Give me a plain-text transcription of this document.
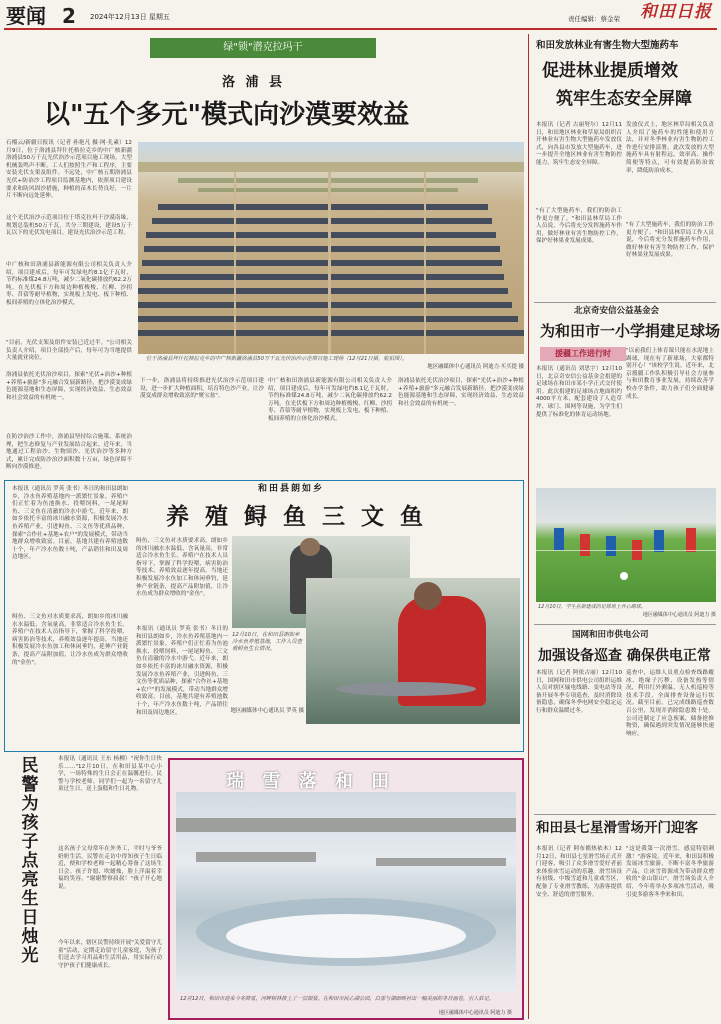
要闻 2 2024年12月13日 星期五	责任编辑：蔡金荣 和田日报
绿"锁"潜克拉玛干
洛 浦 县
以"五个多元"模式向沙漠要效益
石榴云/新疆日报讯（记者 孙艳凡 摄·网·孔素）12月9日，位于洛浦县拜什托格拉克乡的中广核新疆洛浦县50万千瓦光伏治沙示范项目施工现场，大型机械轰鸣声不断。工人们按照生产和工程序，主要安装光伏支架及组件。不远处，中广核五期洛浦县光伏+防治沙工程项目监测基地内，依照项目建设要求和防风固沙措施，种植的苗木长势良好，一片片不断向远处延伸。
这个光伏治沙示范项目位于塔克拉玛干沙漠南缘，规划总装机50万千瓦，共分三期建设，建设5万千瓦以下的光伏发电项目，建设光伏治沙示范工程。
中广核和田洛浦县新能源有限公司相关负责人介绍，项目建成后，每年可发绿电约8.1亿千瓦时，节约标准煤24.8万吨，减少二氧化碳排放约62.2万吨。在光伏板下方和周边种植梭梭、红柳、沙拐枣、苜蓿等耐旱植物，实现板上发电、板下种植、板间养殖的立体化治沙模式。
"目前，光伏支架及组件安装已近过半。"公司相关负责人介绍，项目全部投产后，每年可为当地提供大量就业岗位。
洛浦县依托光伏治沙项目，探索"光伏+治沙+种植+养殖+旅游"多元融合发展新路径，把沙漠变成绿色能源基地和生态屏障，实现经济效益、生态效益和社会效益的有机统一。
在防沙治沙工作中，洛浦县坚持综合施策、系统治理，把生态修复与产业发展结合起来。近年来，当地通过工程治沙、生物固沙、光伏治沙等多种方式，累计完成防沙治沙面积数十万亩，绿色屏障不断向沙漠推进。
位于洛浦县拜什托格拉克乡的中广核新疆洛浦县50万千瓦光伏治沙示范项目施工现场（12月21日摄，航拍图）。
地区融媒体中心通讯员 阿迪力·买买提 摄
下一步，洛浦县将持续推进光伏治沙示范项目建设，进一步扩大种植面积，培育特色沙产业，让沙漠变成群众增收致富的"聚宝盆"。
中广核和田洛浦县新能源有限公司相关负责人介绍，项目建成后，每年可发绿电约8.1亿千瓦时，节约标准煤24.8万吨，减少二氧化碳排放约62.2万吨。在光伏板下方和周边种植梭梭、红柳、沙拐枣、苜蓿等耐旱植物，实现板上发电、板下种植、板间养殖的立体化治沙模式。
洛浦县依托光伏治沙项目，探索"光伏+治沙+种植+养殖+旅游"多元融合发展新路径，把沙漠变成绿色能源基地和生态屏障，实现经济效益、生态效益和社会效益的有机统一。
本报讯（通讯员 罗英 张书）冬日的和田县朗如乡，冷水鱼养殖基地内一派繁忙景象。养殖户们正忙着为鱼池换水、投喂饲料，一尾尾鲟鱼、三文鱼在清澈的冷水中游弋。近年来，朗如乡依托丰富的冰川融水资源，积极发展冷水鱼养殖产业，引进鲟鱼、三文鱼等优质品种，探索"合作社+基地+农户"的发展模式，带动当地群众增收致富。目前，基地共建有养殖池数十个，年产冷水鱼数十吨，产品销往和田及周边地区。
鲟鱼、三文鱼对水质要求高，朗如乡的冰川融水水温低、含氧量高，非常适合冷水鱼生长。养殖户在技术人员指导下，掌握了科学投喂、病害防治等技术，养殖效益逐年提高。当地还积极发展冷水鱼加工和休闲垂钓，延伸产业链条，提高产品附加值，让冷水鱼成为群众增收的"金鱼"。
和田县朗如乡
养 殖 鲟 鱼 三 文 鱼
鲟鱼、三文鱼对水质要求高，朗如乡的冰川融水水温低、含氧量高，非常适合冷水鱼生长。养殖户在技术人员指导下，掌握了科学投喂、病害防治等技术，养殖效益逐年提高。当地还积极发展冷水鱼加工和休闲垂钓，延伸产业链条，提高产品附加值，让冷水鱼成为群众增收的"金鱼"。
本报讯（通讯员 罗英 张书）冬日的和田县朗如乡，冷水鱼养殖基地内一派繁忙景象。养殖户们正忙着为鱼池换水、投喂饲料，一尾尾鲟鱼、三文鱼在清澈的冷水中游弋。近年来，朗如乡依托丰富的冰川融水资源，积极发展冷水鱼养殖产业，引进鲟鱼、三文鱼等优质品种，探索"合作社+基地+农户"的发展模式，带动当地群众增收致富。目前，基地共建有养殖池数十个，年产冷水鱼数十吨，产品销往和田及周边地区。
12月10日，在和田县朗如乡冷水鱼养殖基地，工作人员查看鲟鱼生长情况。
地区融媒体中心通讯员 罗英 摄
民警为孩子点亮生日烛光	本报讯（通讯员 王东 杨柳）"祝你生日快乐……"12月10日，在和田县某中心小学，一场特殊的生日会正在温馨进行。民警与学校老师、同学们一起为一名留守儿童过生日，送上蛋糕和生日礼物。
这名孩子父母常年在外务工，平时与爷爷奶奶生活。民警在走访中得知孩子生日临近，便和学校老师一起精心筹备了这场生日会。孩子许愿、吹蜡烛，脸上洋溢着幸福的笑容。"谢谢警察叔叔！"孩子开心地说。
今年以来，辖区民警持续开展"关爱留守儿童"活动，定期走访留守儿童家庭，为孩子们送去学习用品和生活用品，用实际行动守护孩子们健康成长。
瑞 雪 落 和 田
12月12日，和田市迎来今冬降雪，河畔树林披上了一层银装。在和田市民心湖公园，白雪与湖面映衬出一幅美丽的冬日画卷，引人驻足。
地区融媒体中心通讯员 阿迪力 摄
和田发放林业有害生物大型施药车
促进林业提质增效
筑牢生态安全屏障
本报讯（记者 古丽努尔）12月11日，和田地区林业和草原局组织召开林业有害生物大型施药车发放仪式，向各县市发放大型施药车，进一步提升全地区林业有害生物防控能力，筑牢生态安全屏障。
发放仪式上，地区林草局相关负责人介绍了施药车的性能和使用方法，并对冬季林业有害生物防控工作进行安排部署。此次发放的大型施药车具有射程远、效率高、操作简便等特点，可有效提高防治效率，降低防治成本。
"有了大型施药车，我们的防治工作更方便了。"和田县林草局工作人员说，今后将充分发挥施药车作用，做好林业有害生物防控工作，保护好林果业发展成果。
"有了大型施药车，我们的防治工作更方便了。"和田县林草局工作人员说，今后将充分发挥施药车作用，做好林业有害生物防控工作，保护好林果业发展成果。
北京奇安信公益基金会
为和田市一小学捐建足球场
援疆工作进行时
本报讯（通讯员 刘思宇）12月10日，北京奇安信公益基金会捐建的足球场在和田市某小学正式交付使用。此次捐建的足球场占地面积约4000平方米，配套建设了人造草坪、球门、围网等设施，为学生们提供了标准化的体育运动场地。
"以前我们上体育课只能在水泥地上踢球，现在有了新球场，大家都特别开心！"该校学生说。近年来，北京援疆工作队积极引导社会力量参与和田教育事业发展，持续改善学校办学条件，助力孩子们全面健康成长。
12月10日，学生在新建成的足球场上开心踢球。
地区融媒体中心通讯员 阿迪力 摄
国网和田市供电公司
加强设备巡查 确保供电正常
本报讯（记者 阿依古丽）12月10日，国网和田市供电公司组织运维人员对辖区输电线路、变电站等设备开展冬季专项巡查，及时消除设备隐患，确保冬季电网安全稳定运行和群众温暖过冬。
巡查中，运维人员重点检查线路覆冰、绝缘子污秽、设备发热等情况，利用红外测温、无人机巡检等技术手段，全面排查设备运行状况。截至目前，已完成线路巡查数百公里，发现并消除隐患数十处。公司还制定了应急预案，储备抢修物资，确保遇到突发情况能够快速响应。
和田县七星滑雪场开门迎客
本报讯（记者 阿布都热依木）12月12日，和田县七星滑雪场正式开门迎客，吸引了众多滑雪爱好者前来体验冰雪运动的乐趣。滑雪场设有初级、中级雪道和儿童戏雪区，配备了专业滑雪教练，为游客提供安全、舒适的滑雪服务。
"这是我第一次滑雪，感觉特别刺激！"游客说。近年来，和田县积极发展冰雪旅游，不断丰富冬季旅游产品，让冰雪资源成为带动群众增收的"金山银山"。滑雪场负责人介绍，今年将举办多项冰雪活动，吸引更多游客冬季来和田。
